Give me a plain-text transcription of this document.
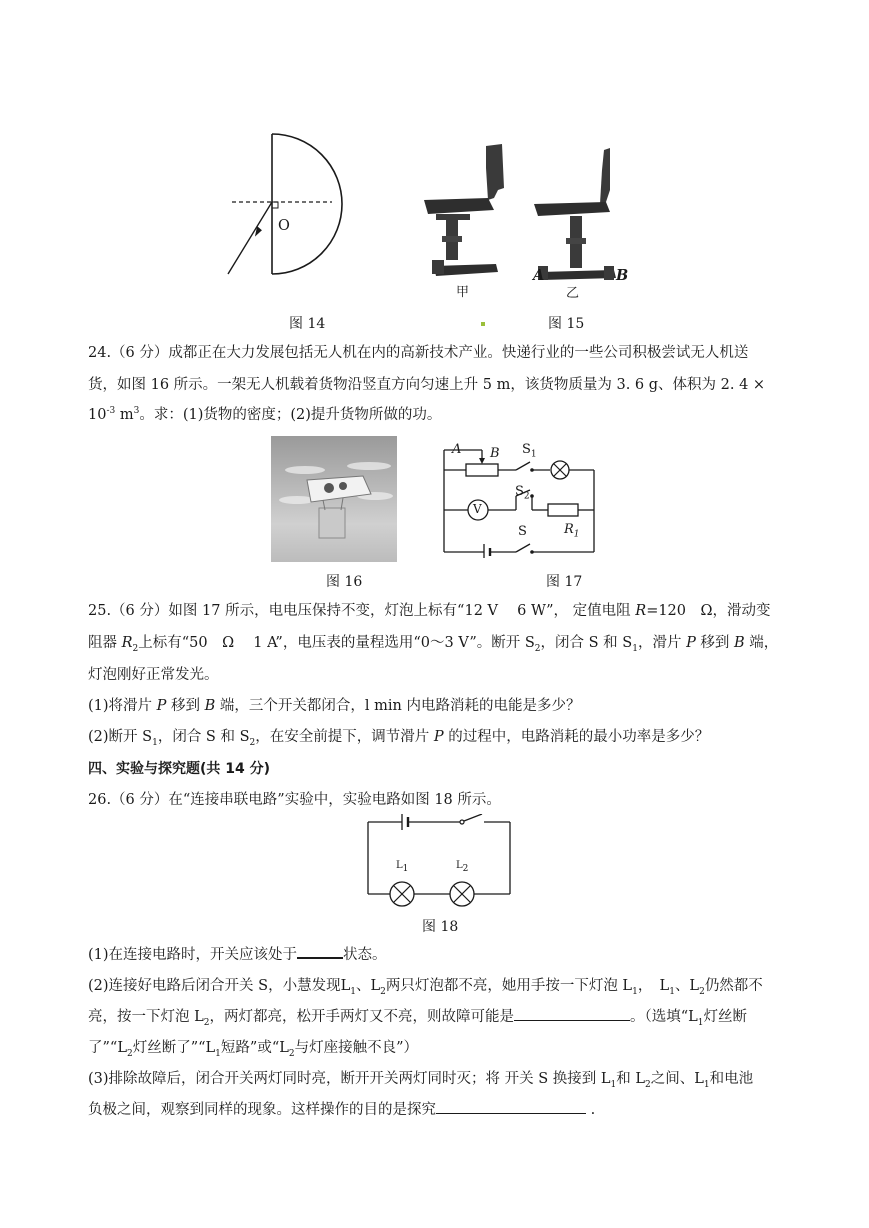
O
甲	乙
A	B
图 14	图 15
24.（6 分）成都正在大力发展包括无人机在内的高新技术产业。快递行业的一些公司积极尝试无人机送
货，如图 16 所示。一架无人机载着货物沿竖直方向匀速上升 5 m，该货物质量为 3. 6 g、体积为 2. 4 ×
$10^{-3}$ $m^3$。求：(1)货物的密度；(2)提升货物所做的功。
A B $S_1$
$S_2$
V
$R_1$
S
图 16	图 17
25.（6 分）如图 17 所示，电电压保持不变，灯泡上标有“12 V　 6 W”， 定值电阻 R=120　Ω，滑动变
阻器 $R_2$上标有“50　Ω　 1 A”，电压表的量程选用“0～3 V”。断开 $S_2$，闭合 S 和 $S_1$，滑片 P 移到 B 端，
灯泡刚好正常发光。
(1)将滑片 P 移到 B 端，三个开关都闭合，l min 内电路消耗的电能是多少？
(2)断开 $S_1$，闭合 S 和 $S_2$，在安全前提下，调节滑片 P 的过程中，电路消耗的最小功率是多少？
四、实验与探究题(共 14 分)
26.（6 分）在“连接串联电路”实验中，实验电路如图 18 所示。
$L_1$	$L_2$
图 18
(1)在连接电路时，开关应该处于	状态。
(2)连接好电路后闭合开关 S，小慧发现$L_1$、$L_2$两只灯泡都不亮，她用手按一下灯泡 $L_1$，　$L_1$、$L_2$仍然都不
亮，按一下灯泡 $L_2$，两灯都亮，松开手两灯又不亮，则故障可能是	。（选填“$L_1$灯丝断
了$”“L_2$灯丝断了$”“L_1$短路”或“$L_2$与灯座接触不良”）
(3)排除故障后，闭合开关两灯同时亮，断开开关两灯同时灭；将 开关 S 换接到 $L_1$和 $L_2$之间、$L_1$和电池
负极之间，观察到同样的现象。这样操作的目的是探究	.
